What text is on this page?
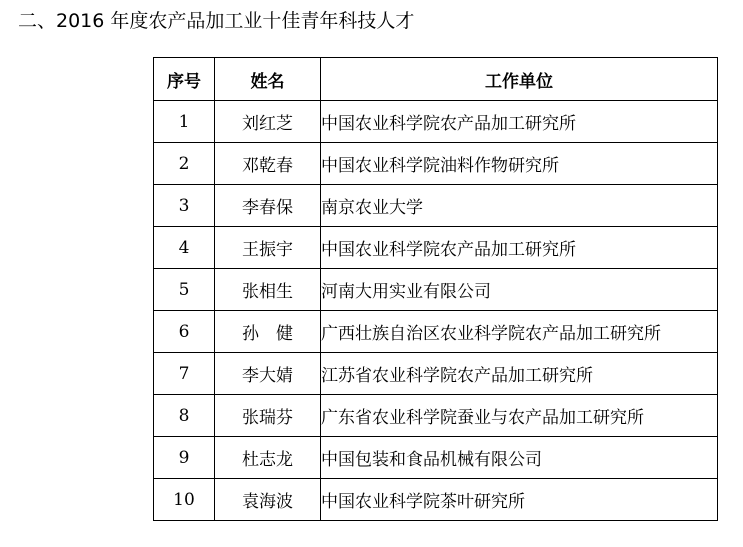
二、2016 年度农产品加工业十佳青年科技人才
序号	姓名	工作单位
1	刘红芝	中国农业科学院农产品加工研究所
2	邓乾春	中国农业科学院油料作物研究所
3	李春保	南京农业大学
4	王振宇	中国农业科学院农产品加工研究所
5	张相生	河南大用实业有限公司
6	孙　健	广西壮族自治区农业科学院农产品加工研究所
7	李大婧	江苏省农业科学院农产品加工研究所
8	张瑞芬	广东省农业科学院蚕业与农产品加工研究所
9	杜志龙	中国包装和食品机械有限公司
10	袁海波	中国农业科学院茶叶研究所
